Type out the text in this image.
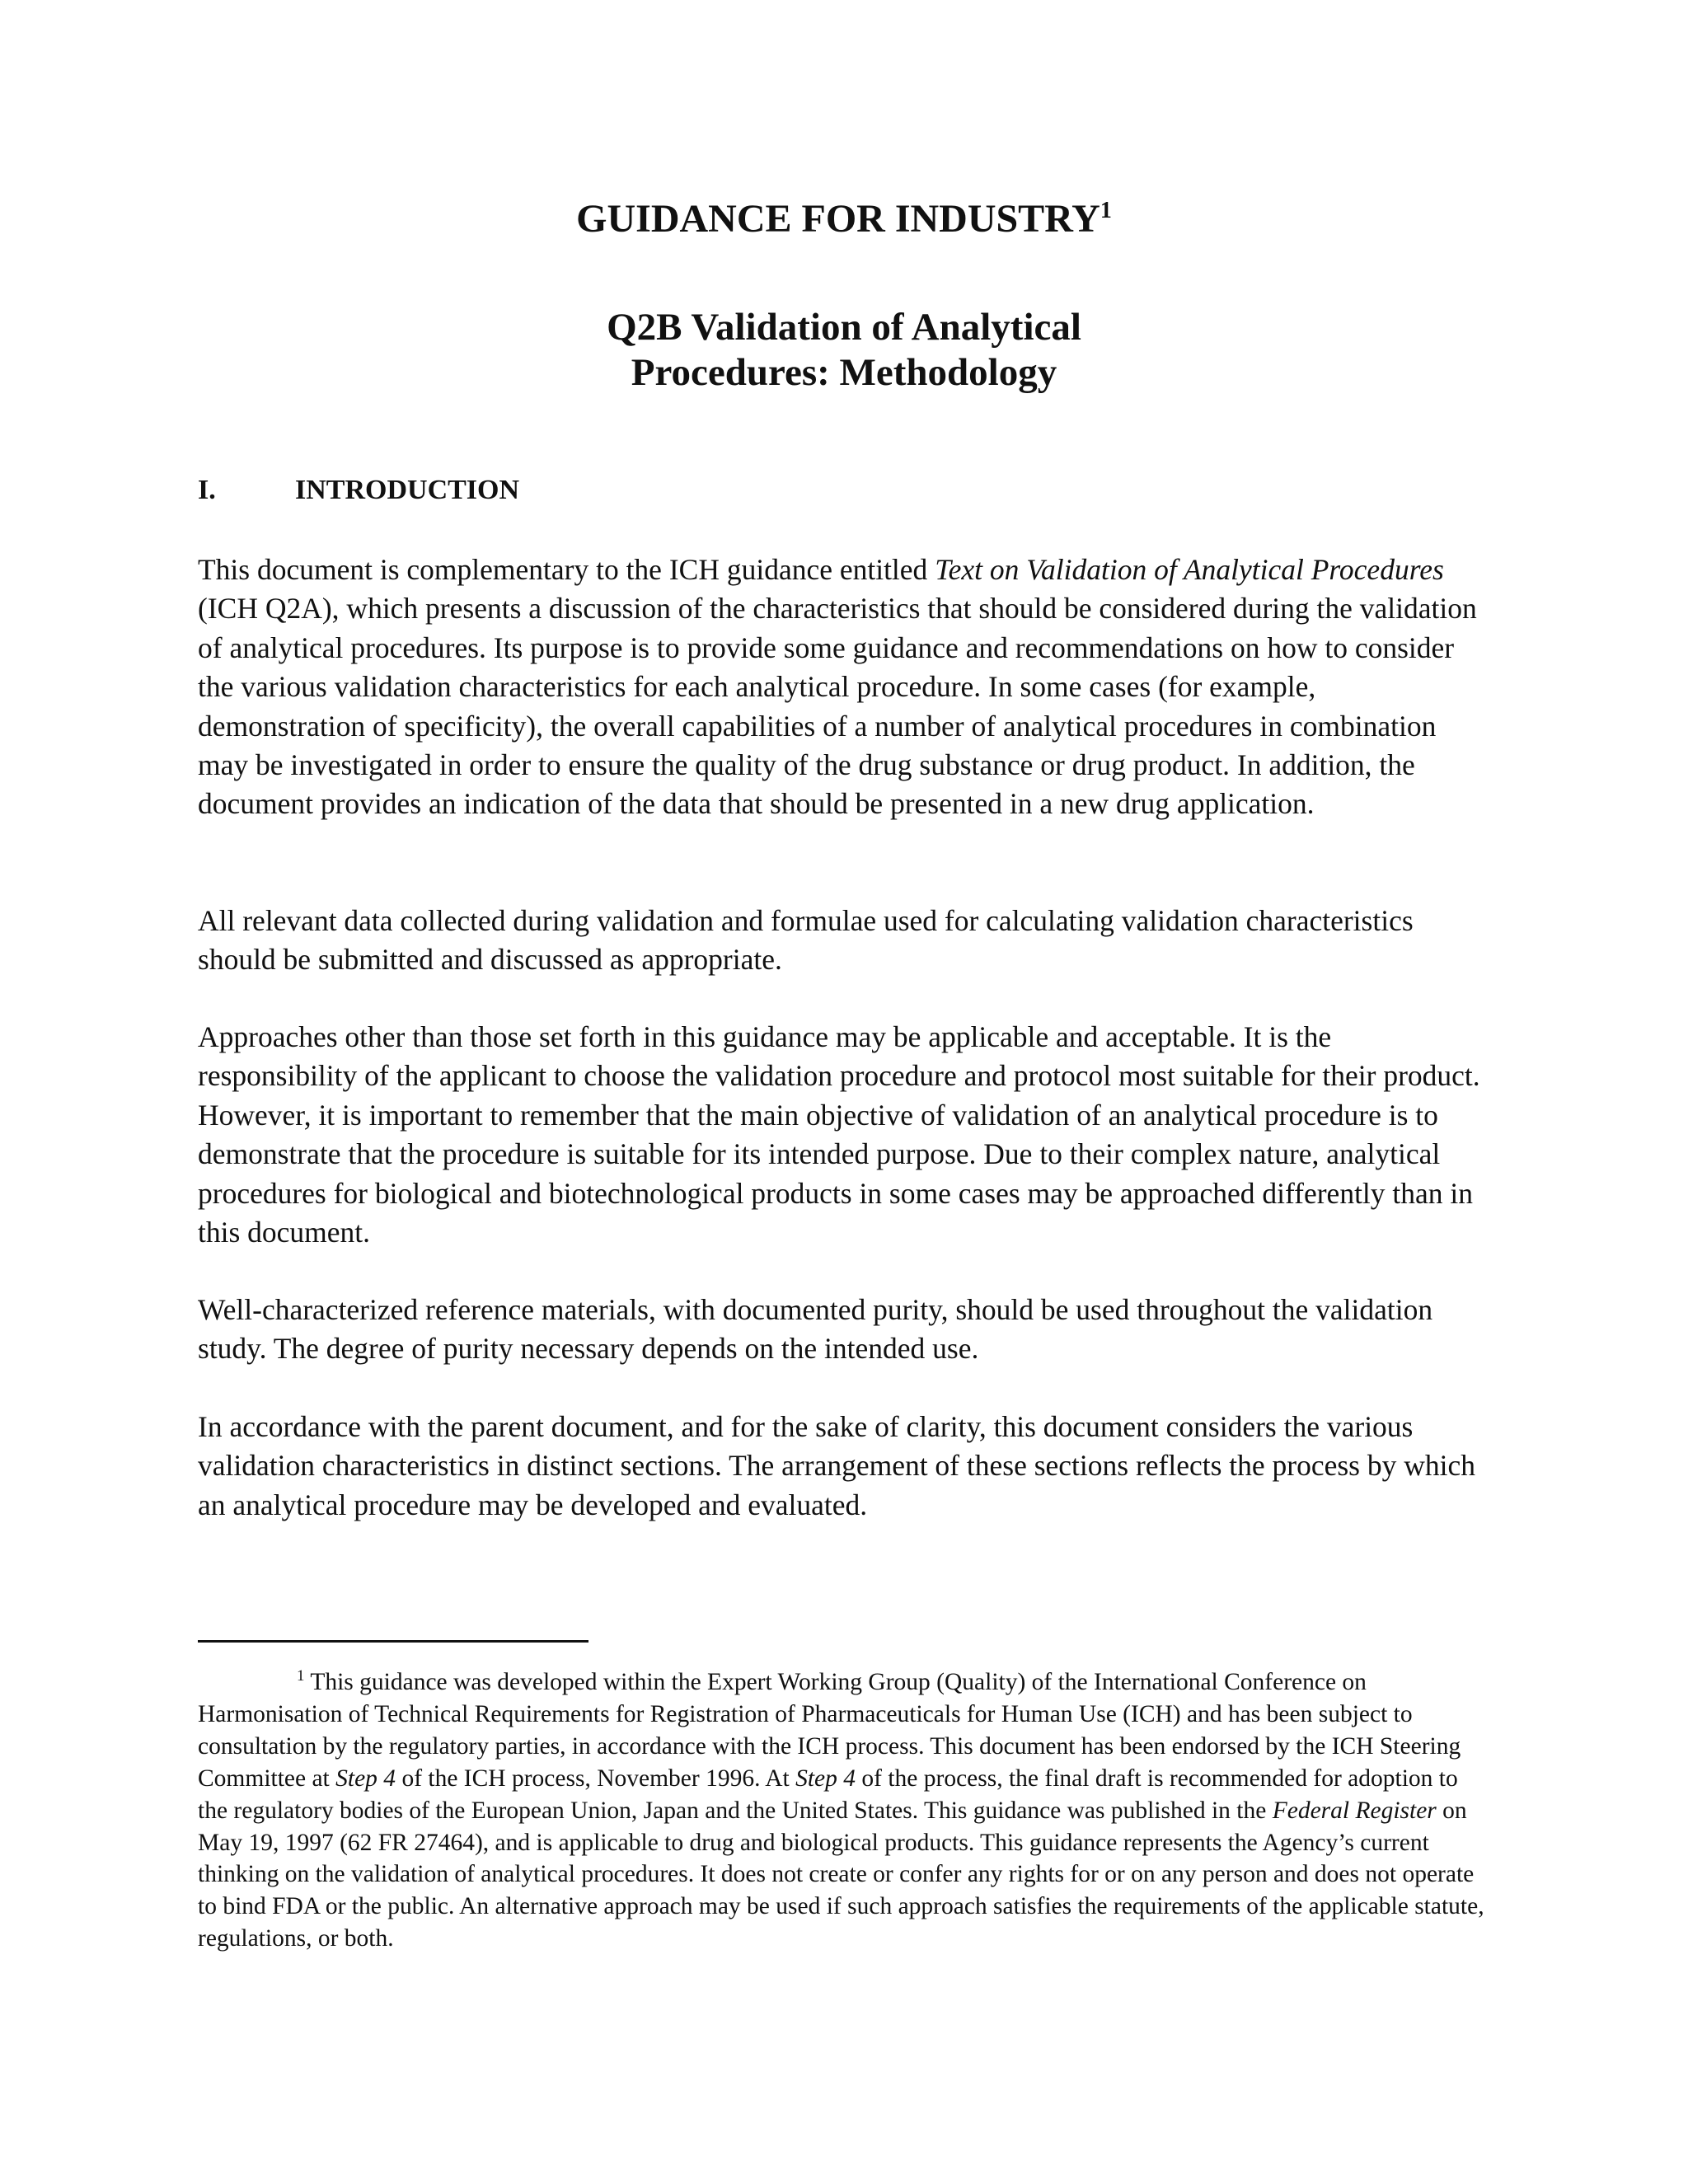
GUIDANCE FOR INDUSTRY$^1$
Q2B Validation of Analytical
Procedures: Methodology
I.	INTRODUCTION

This document is complementary to the ICH guidance entitled Text on Validation of Analytical Procedures (ICH Q2A), which presents a discussion of the characteristics that should be considered during the validation of analytical procedures. Its purpose is to provide some guidance and recommendations on how to consider the various validation characteristics for each analytical procedure. In some cases (for example, demonstration of specificity), the overall capabilities of a number of analytical procedures in combination may be investigated in order to ensure the quality of the drug substance or drug product. In addition, the document provides an indication of the data that should be presented in a new drug application.

All relevant data collected during validation and formulae used for calculating validation characteristics should be submitted and discussed as appropriate.

Approaches other than those set forth in this guidance may be applicable and acceptable. It is the responsibility of the applicant to choose the validation procedure and protocol most suitable for their product. However, it is important to remember that the main objective of validation of an analytical procedure is to demonstrate that the procedure is suitable for its intended purpose. Due to their complex nature, analytical procedures for biological and biotechnological products in some cases may be approached differently than in this document.

Well-characterized reference materials, with documented purity, should be used throughout the validation study. The degree of purity necessary depends on the intended use.

In accordance with the parent document, and for the sake of clarity, this document considers the various validation characteristics in distinct sections. The arrangement of these sections reflects the process by which an analytical procedure may be developed and evaluated.

$^1$ This guidance was developed within the Expert Working Group (Quality) of the International Conference on Harmonisation of Technical Requirements for Registration of Pharmaceuticals for Human Use (ICH) and has been subject to consultation by the regulatory parties, in accordance with the ICH process. This document has been endorsed by the ICH Steering Committee at Step 4 of the ICH process, November 1996. At Step 4 of the process, the final draft is recommended for adoption to the regulatory bodies of the European Union, Japan and the United States. This guidance was published in the Federal Register on May 19, 1997 (62 FR 27464), and is applicable to drug and biological products. This guidance represents the Agency’s current thinking on the validation of analytical procedures. It does not create or confer any rights for or on any person and does not operate to bind FDA or the public. An alternative approach may be used if such approach satisfies the requirements of the applicable statute, regulations, or both.
